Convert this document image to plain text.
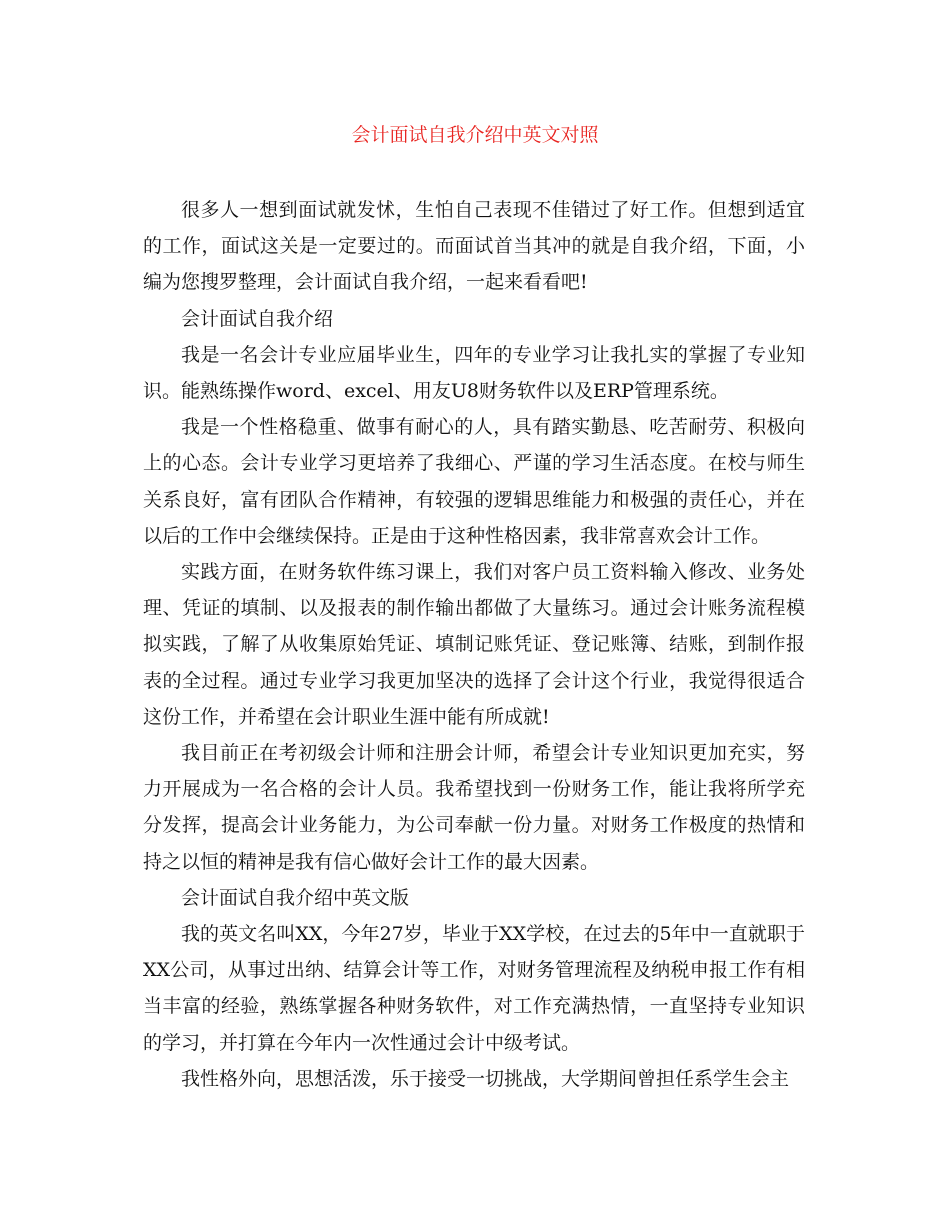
会计面试自我介绍中英文对照

很多人一想到面试就发怵，生怕自己表现不佳错过了好工作。但想到适宜的工作，面试这关是一定要过的。而面试首当其冲的就是自我介绍，下面，小编为您搜罗整理，会计面试自我介绍，一起来看看吧!

会计面试自我介绍

我是一名会计专业应届毕业生，四年的专业学习让我扎实的掌握了专业知识。能熟练操作word、excel、用友U8财务软件以及ERP管理系统。

我是一个性格稳重、做事有耐心的人，具有踏实勤恳、吃苦耐劳、积极向上的心态。会计专业学习更培养了我细心、严谨的学习生活态度。在校与师生关系良好，富有团队合作精神，有较强的逻辑思维能力和极强的责任心，并在以后的工作中会继续保持。正是由于这种性格因素，我非常喜欢会计工作。

实践方面，在财务软件练习课上，我们对客户员工资料输入修改、业务处理、凭证的填制、以及报表的制作输出都做了大量练习。通过会计账务流程模拟实践，了解了从收集原始凭证、填制记账凭证、登记账簿、结账，到制作报表的全过程。通过专业学习我更加坚决的选择了会计这个行业，我觉得很适合这份工作，并希望在会计职业生涯中能有所成就!

我目前正在考初级会计师和注册会计师，希望会计专业知识更加充实，努力开展成为一名合格的会计人员。我希望找到一份财务工作，能让我将所学充分发挥，提高会计业务能力，为公司奉献一份力量。对财务工作极度的热情和持之以恒的精神是我有信心做好会计工作的最大因素。

会计面试自我介绍中英文版

我的英文名叫XX，今年27岁，毕业于XX学校，在过去的5年中一直就职于XX公司，从事过出纳、结算会计等工作，对财务管理流程及纳税申报工作有相当丰富的经验，熟练掌握各种财务软件，对工作充满热情，一直坚持专业知识的学习，并打算在今年内一次性通过会计中级考试。

我性格外向，思想活泼，乐于接受一切挑战，大学期间曾担任系学生会主
